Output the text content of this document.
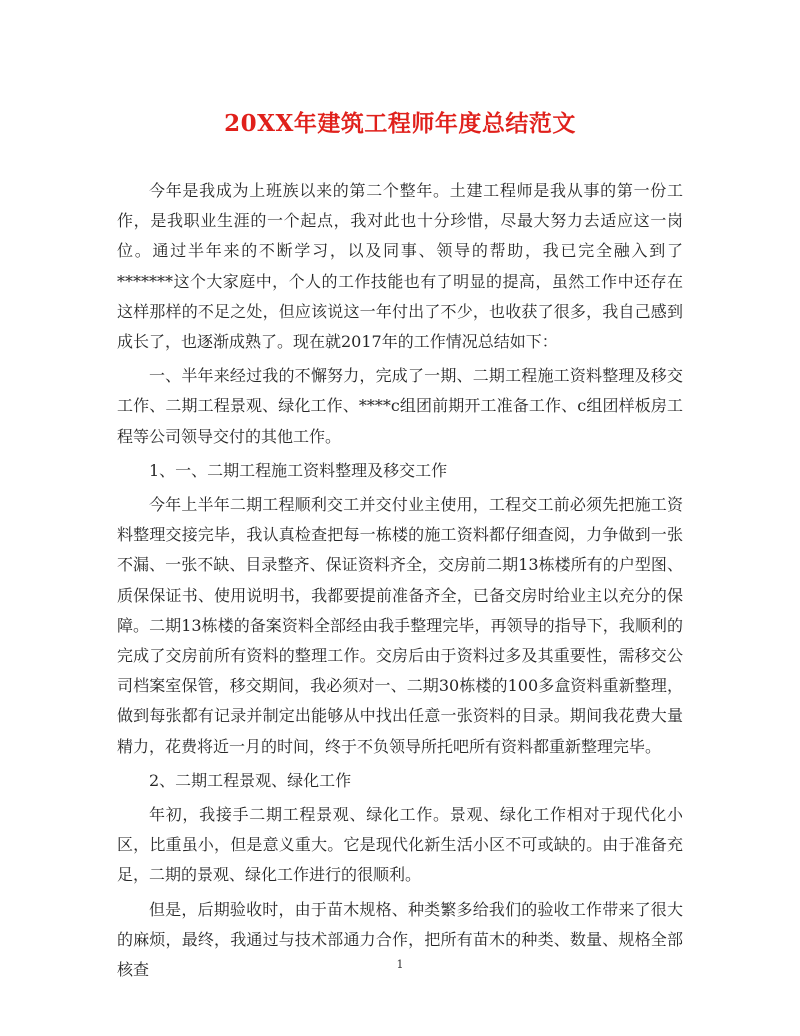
20XX年建筑工程师年度总结范文

今年是我成为上班族以来的第二个整年。土建工程师是我从事的第一份工作，是我职业生涯的一个起点，我对此也十分珍惜，尽最大努力去适应这一岗位。通过半年来的不断学习，以及同事、领导的帮助，我已完全融入到了*******这个大家庭中，个人的工作技能也有了明显的提高，虽然工作中还存在这样那样的不足之处，但应该说这一年付出了不少，也收获了很多，我自己感到成长了，也逐渐成熟了。现在就2017年的工作情况总结如下：

一、半年来经过我的不懈努力，完成了一期、二期工程施工资料整理及移交工作、二期工程景观、绿化工作、****c组团前期开工准备工作、c组团样板房工程等公司领导交付的其他工作。

1、一、二期工程施工资料整理及移交工作

今年上半年二期工程顺利交工并交付业主使用，工程交工前必须先把施工资料整理交接完毕，我认真检查把每一栋楼的施工资料都仔细查阅，力争做到一张不漏、一张不缺、目录整齐、保证资料齐全，交房前二期13栋楼所有的户型图、质保保证书、使用说明书，我都要提前准备齐全，已备交房时给业主以充分的保障。二期13栋楼的备案资料全部经由我手整理完毕，再领导的指导下，我顺利的完成了交房前所有资料的整理工作。交房后由于资料过多及其重要性，需移交公司档案室保管，移交期间，我必须对一、二期30栋楼的100多盒资料重新整理，做到每张都有记录并制定出能够从中找出任意一张资料的目录。期间我花费大量精力，花费将近一月的时间，终于不负领导所托吧所有资料都重新整理完毕。

2、二期工程景观、绿化工作

年初，我接手二期工程景观、绿化工作。景观、绿化工作相对于现代化小区，比重虽小，但是意义重大。它是现代化新生活小区不可或缺的。由于准备充足，二期的景观、绿化工作进行的很顺利。

但是，后期验收时，由于苗木规格、种类繁多给我们的验收工作带来了很大的麻烦，最终，我通过与技术部通力合作，把所有苗木的种类、数量、规格全部核查	1
